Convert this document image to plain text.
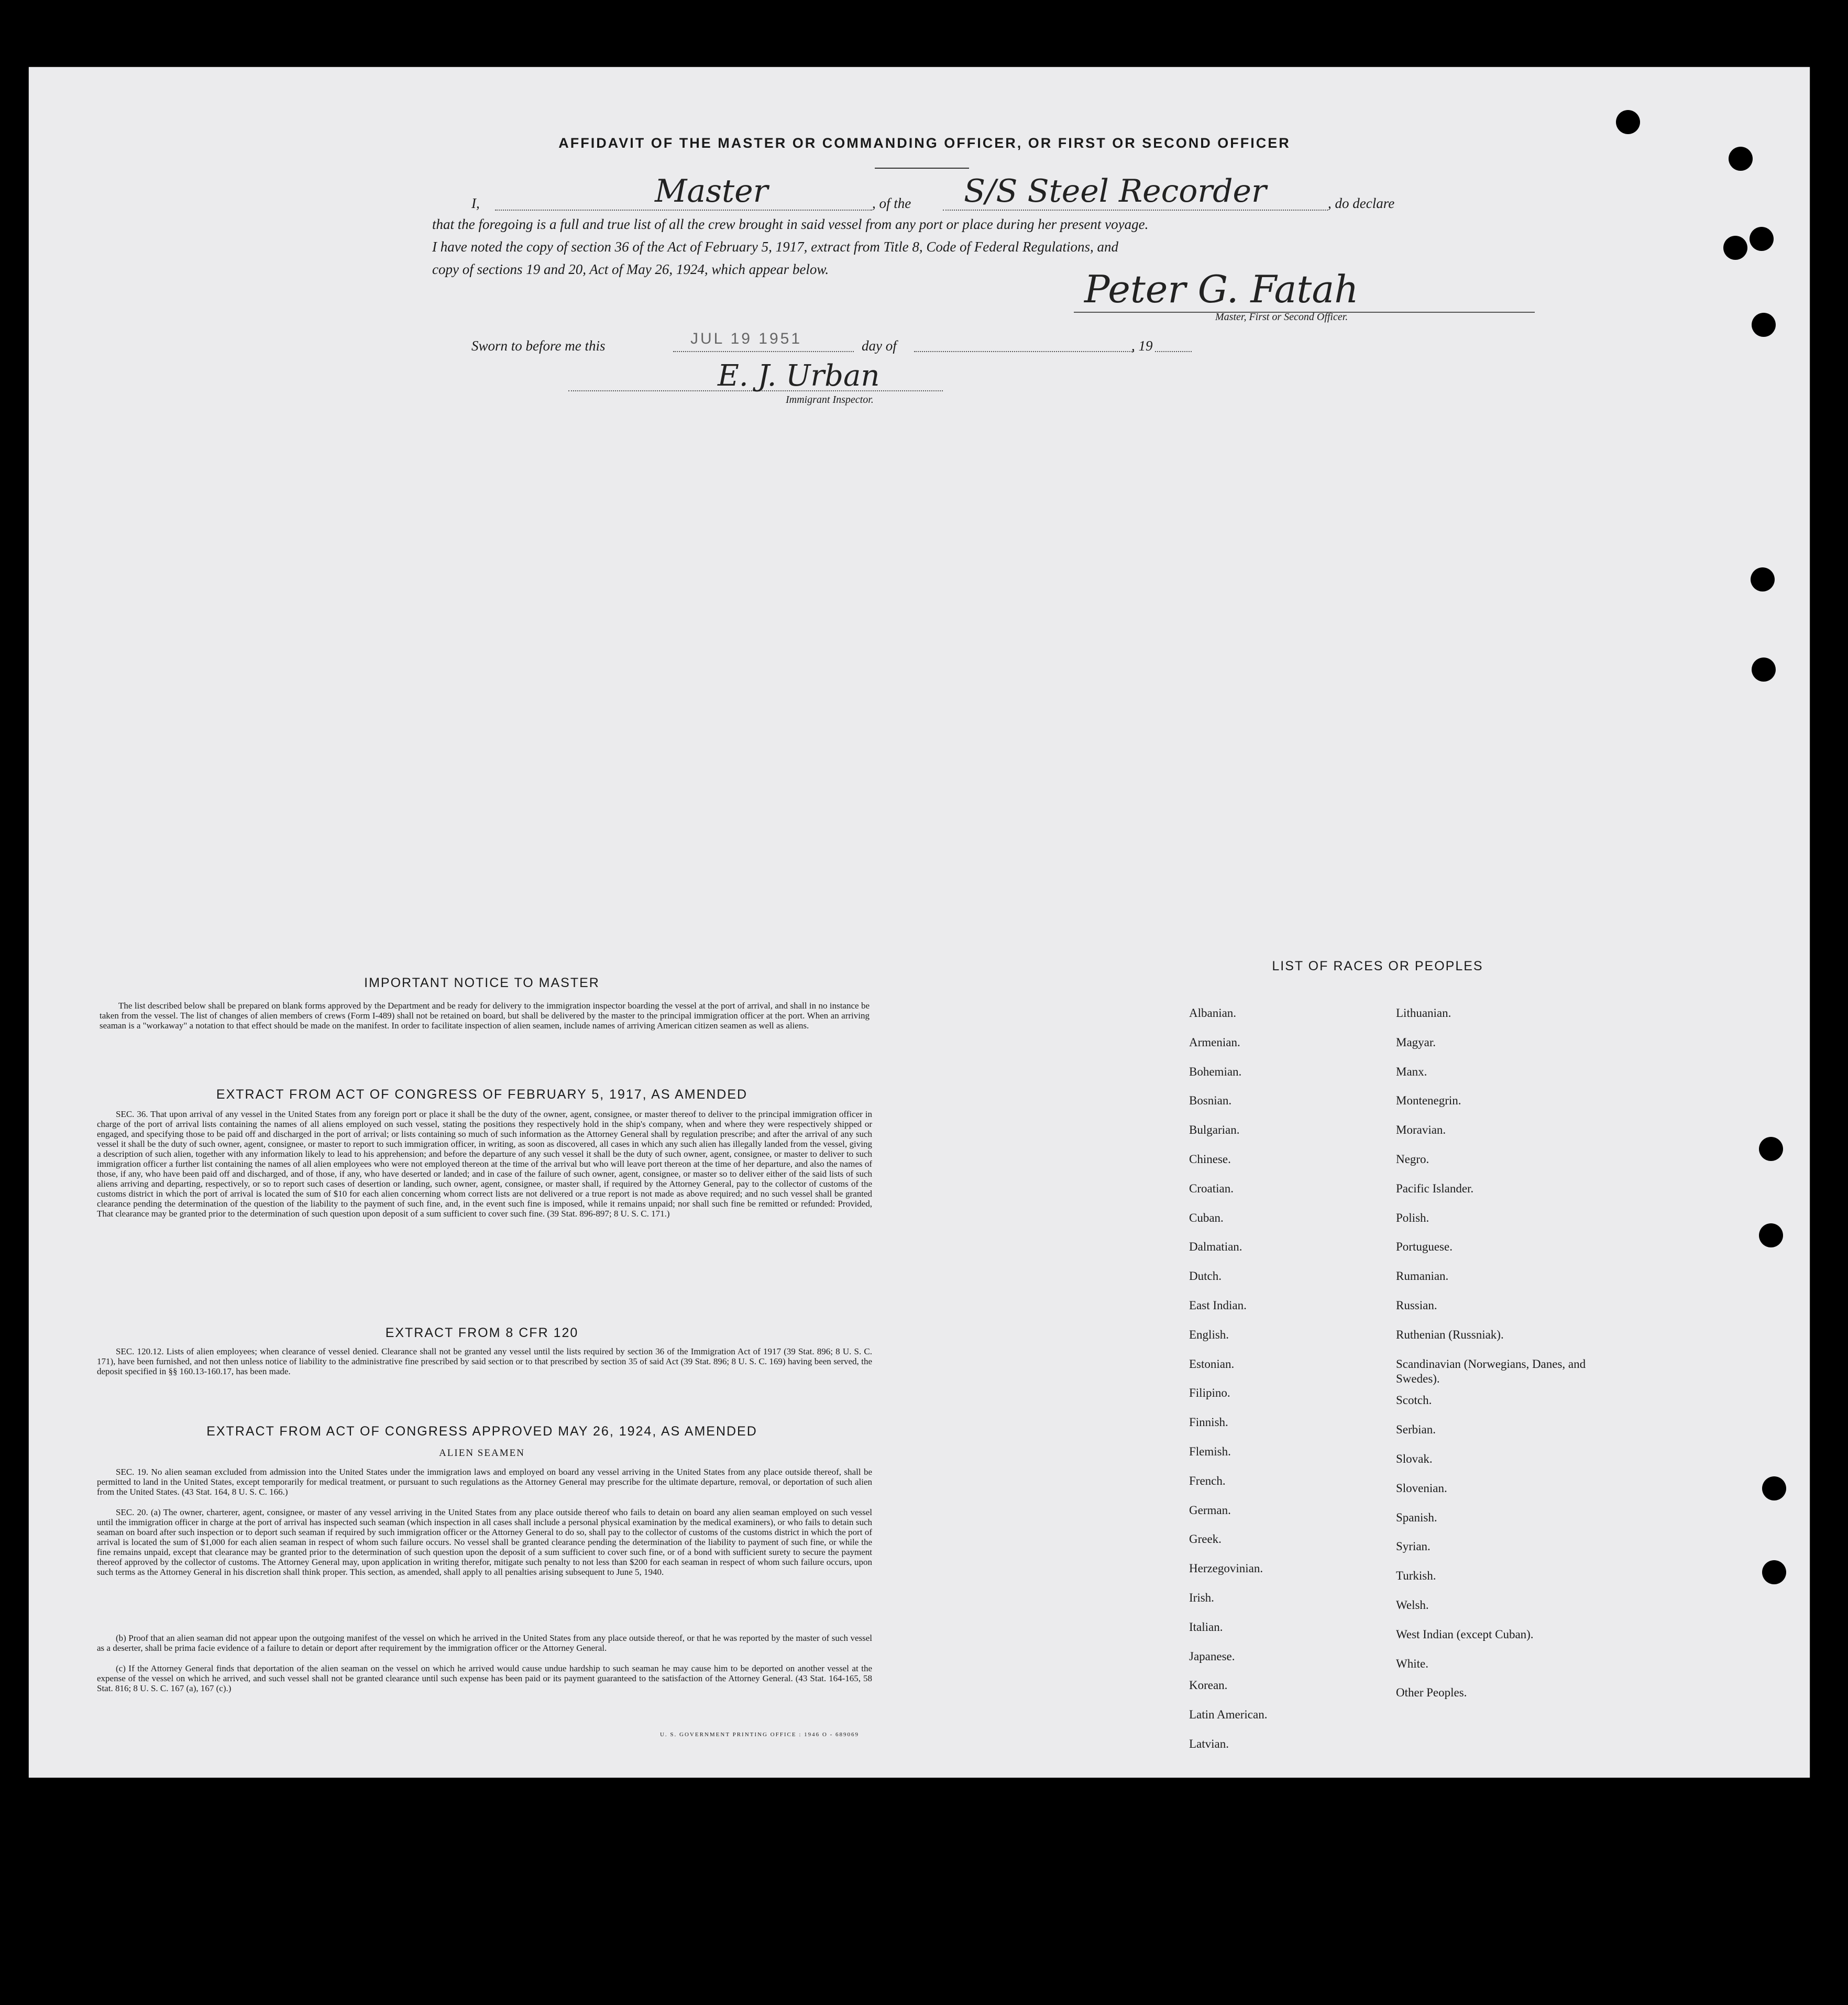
AFFIDAVIT OF THE MASTER OR COMMANDING OFFICER, OR FIRST OR SECOND OFFICER
I,	Master	, of the S/S Steel Recorder	, do declare
that the foregoing is a full and true list of all the crew brought in said vessel from any port or place during her present voyage.
I have noted the copy of section 36 of the Act of February 5, 1917, extract from Title 8, Code of Federal Regulations, and
copy of sections 19 and 20, Act of May 26, 1924, which appear below.	Peter G. Fatah
Master, First or Second Officer.
Sworn to before me this	JUL 19 1951	day of	, 19
E. J. Urban
Immigrant Inspector.
IMPORTANT NOTICE TO MASTER
The list described below shall be prepared on blank forms approved by the Department and be ready for delivery to the immigration inspector boarding the vessel at the port of arrival, and shall in no instance be taken from the vessel. The list of changes of alien members of crews (Form I-489) shall not be retained on board, but shall be delivered by the master to the principal immigration officer at the port. When an arriving seaman is a "workaway" a notation to that effect should be made on the manifest. In order to facilitate inspection of alien seamen, include names of arriving American citizen seamen as well as aliens.
EXTRACT FROM ACT OF CONGRESS OF FEBRUARY 5, 1917, AS AMENDED
SEC. 36. That upon arrival of any vessel in the United States from any foreign port or place it shall be the duty of the owner, agent, consignee, or master thereof to deliver to the principal immigration officer in charge of the port of arrival lists containing the names of all aliens employed on such vessel, stating the positions they respectively hold in the ship's company, when and where they were respectively shipped or engaged, and specifying those to be paid off and discharged in the port of arrival; or lists containing so much of such information as the Attorney General shall by regulation prescribe; and after the arrival of any such vessel it shall be the duty of such owner, agent, consignee, or master to report to such immigration officer, in writing, as soon as discovered, all cases in which any such alien has illegally landed from the vessel, giving a description of such alien, together with any information likely to lead to his apprehension; and before the departure of any such vessel it shall be the duty of such owner, agent, consignee, or master to deliver to such immigration officer a further list containing the names of all alien employees who were not employed thereon at the time of the arrival but who will leave port thereon at the time of her departure, and also the names of those, if any, who have been paid off and discharged, and of those, if any, who have deserted or landed; and in case of the failure of such owner, agent, consignee, or master so to deliver either of the said lists of such aliens arriving and departing, respectively, or so to report such cases of desertion or landing, such owner, agent, consignee, or master shall, if required by the Attorney General, pay to the collector of customs of the customs district in which the port of arrival is located the sum of $10 for each alien concerning whom correct lists are not delivered or a true report is not made as above required; and no such vessel shall be granted clearance pending the determination of the question of the liability to the payment of such fine, and, in the event such fine is imposed, while it remains unpaid; nor shall such fine be remitted or refunded: Provided, That clearance may be granted prior to the determination of such question upon deposit of a sum sufficient to cover such fine. (39 Stat. 896-897; 8 U. S. C. 171.)
EXTRACT FROM 8 CFR 120
SEC. 120.12. Lists of alien employees; when clearance of vessel denied. Clearance shall not be granted any vessel until the lists required by section 36 of the Immigration Act of 1917 (39 Stat. 896; 8 U. S. C. 171), have been furnished, and not then unless notice of liability to the administrative fine prescribed by said section or to that prescribed by section 35 of said Act (39 Stat. 896; 8 U. S. C. 169) having been served, the deposit specified in §§ 160.13-160.17, has been made.
EXTRACT FROM ACT OF CONGRESS APPROVED MAY 26, 1924, AS AMENDED
ALIEN SEAMEN
SEC. 19. No alien seaman excluded from admission into the United States under the immigration laws and employed on board any vessel arriving in the United States from any place outside thereof, shall be permitted to land in the United States, except temporarily for medical treatment, or pursuant to such regulations as the Attorney General may prescribe for the ultimate departure, removal, or deportation of such alien from the United States. (43 Stat. 164, 8 U. S. C. 166.)
SEC. 20. (a) The owner, charterer, agent, consignee, or master of any vessel arriving in the United States from any place outside thereof who fails to detain on board any alien seaman employed on such vessel until the immigration officer in charge at the port of arrival has inspected such seaman (which inspection in all cases shall include a personal physical examination by the medical examiners), or who fails to detain such seaman on board after such inspection or to deport such seaman if required by such immigration officer or the Attorney General to do so, shall pay to the collector of customs of the customs district in which the port of arrival is located the sum of $1,000 for each alien seaman in respect of whom such failure occurs. No vessel shall be granted clearance pending the determination of the liability to payment of such fine, or while the fine remains unpaid, except that clearance may be granted prior to the determination of such question upon the deposit of a sum sufficient to cover such fine, or of a bond with sufficient surety to secure the payment thereof approved by the collector of customs. The Attorney General may, upon application in writing therefor, mitigate such penalty to not less than $200 for each seaman in respect of whom such failure occurs, upon such terms as the Attorney General in his discretion shall think proper. This section, as amended, shall apply to all penalties arising subsequent to June 5, 1940.
(b) Proof that an alien seaman did not appear upon the outgoing manifest of the vessel on which he arrived in the United States from any place outside thereof, or that he was reported by the master of such vessel as a deserter, shall be prima facie evidence of a failure to detain or deport after requirement by the immigration officer or the Attorney General.
(c) If the Attorney General finds that deportation of the alien seaman on the vessel on which he arrived would cause undue hardship to such seaman he may cause him to be deported on another vessel at the expense of the vessel on which he arrived, and such vessel shall not be granted clearance until such expense has been paid or its payment guaranteed to the satisfaction of the Attorney General. (43 Stat. 164-165, 58 Stat. 816; 8 U. S. C. 167 (a), 167 (c).)
U. S. GOVERNMENT PRINTING OFFICE : 1946 O - 689069
LIST OF RACES OR PEOPLES
Albanian.
Armenian.
Bohemian.
Bosnian.
Bulgarian.
Chinese.
Croatian.
Cuban.
Dalmatian.
Dutch.
East Indian.
English.
Estonian.
Filipino.
Finnish.
Flemish.
French.
German.
Greek.
Herzegovinian.
Irish.
Italian.
Japanese.
Korean.
Latin American.
Latvian.
Lithuanian.
Magyar.
Manx.
Montenegrin.
Moravian.
Negro.
Pacific Islander.
Polish.
Portuguese.
Rumanian.
Russian.
Ruthenian (Russniak).
Scandinavian (Norwegians, Danes, and Swedes).
Scotch.
Serbian.
Slovak.
Slovenian.
Spanish.
Syrian.
Turkish.
Welsh.
West Indian (except Cuban).
White.
Other Peoples.
